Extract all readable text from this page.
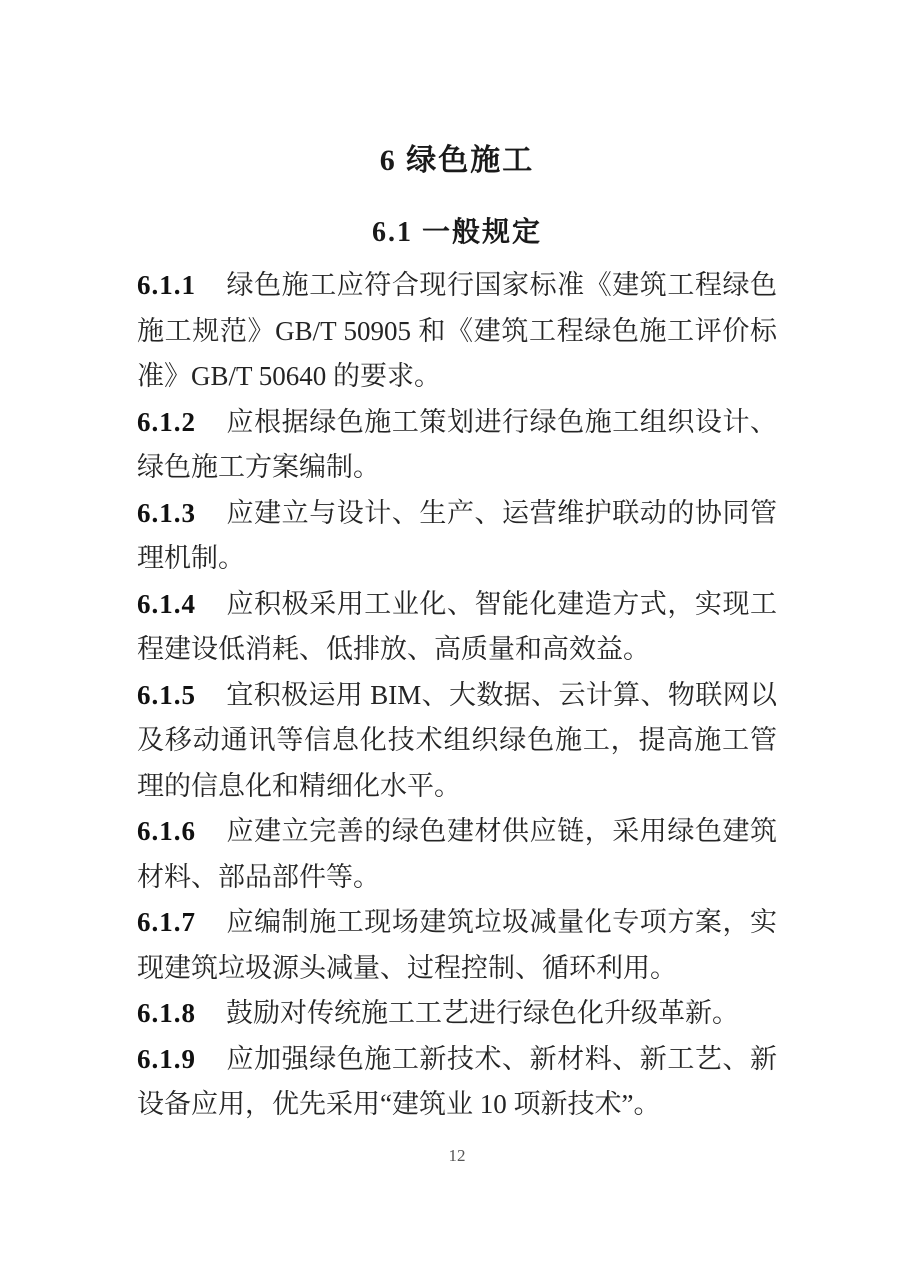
6 绿色施工
6.1 一般规定

6.1.1 绿色施工应符合现行国家标准《建筑工程绿色施工规范》GB/T 50905 和《建筑工程绿色施工评价标准》GB/T 50640 的要求。

6.1.2 应根据绿色施工策划进行绿色施工组织设计、绿色施工方案编制。

6.1.3 应建立与设计、生产、运营维护联动的协同管理机制。

6.1.4 应积极采用工业化、智能化建造方式，实现工程建设低消耗、低排放、高质量和高效益。

6.1.5 宜积极运用 BIM、大数据、云计算、物联网以及移动通讯等信息化技术组织绿色施工，提高施工管理的信息化和精细化水平。

6.1.6 应建立完善的绿色建材供应链，采用绿色建筑材料、部品部件等。

6.1.7 应编制施工现场建筑垃圾减量化专项方案，实现建筑垃圾源头减量、过程控制、循环利用。

6.1.8 鼓励对传统施工工艺进行绿色化升级革新。

6.1.9 应加强绿色施工新技术、新材料、新工艺、新设备应用，优先采用“建筑业 10 项新技术”。

12
